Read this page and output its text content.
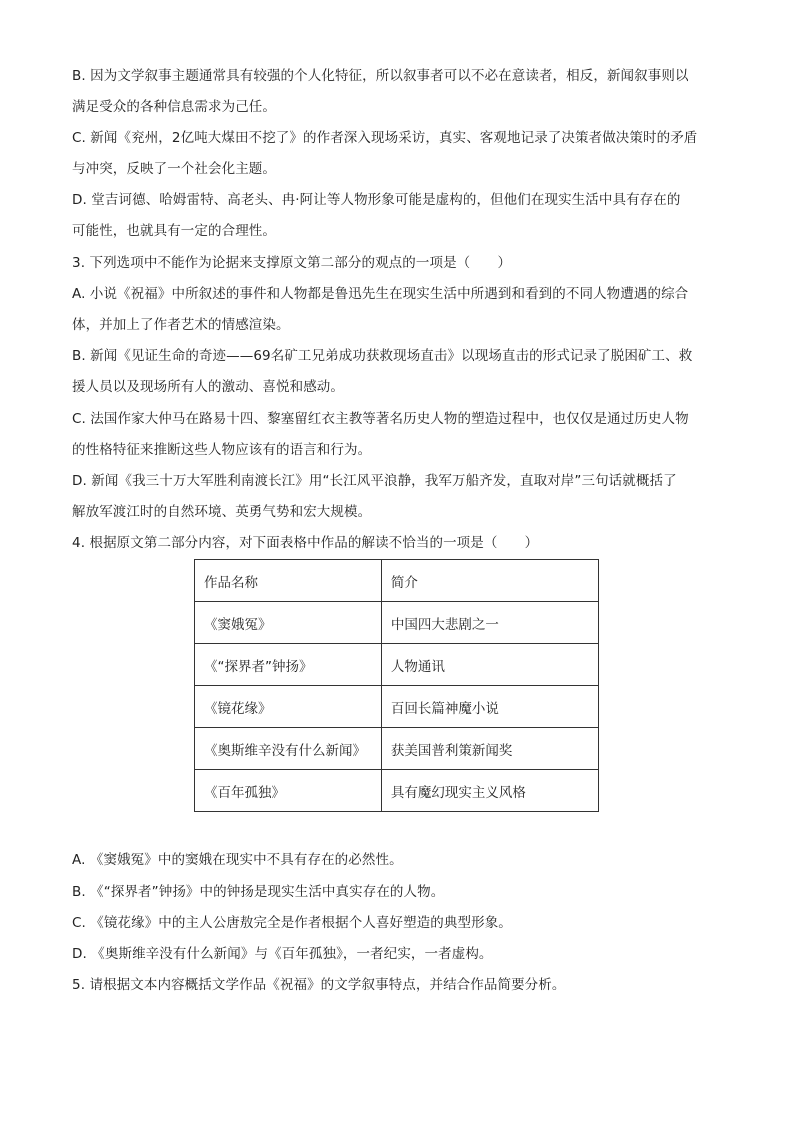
B. 因为文学叙事主题通常具有较强的个人化特征，所以叙事者可以不必在意读者，相反，新闻叙事则以
满足受众的各种信息需求为己任。
C. 新闻《兖州，2亿吨大煤田不挖了》的作者深入现场采访，真实、客观地记录了决策者做决策时的矛盾
与冲突，反映了一个社会化主题。
D. 堂吉诃德、哈姆雷特、高老头、冉·阿让等人物形象可能是虚构的，但他们在现实生活中具有存在的
可能性，也就具有一定的合理性。
3. 下列选项中不能作为论据来支撑原文第二部分的观点的一项是（　　）
A. 小说《祝福》中所叙述的事件和人物都是鲁迅先生在现实生活中所遇到和看到的不同人物遭遇的综合
体，并加上了作者艺术的情感渲染。
B. 新闻《见证生命的奇迹——69名矿工兄弟成功获救现场直击》以现场直击的形式记录了脱困矿工、救
援人员以及现场所有人的激动、喜悦和感动。
C. 法国作家大仲马在路易十四、黎塞留红衣主教等著名历史人物的塑造过程中，也仅仅是通过历史人物
的性格特征来推断这些人物应该有的语言和行为。
D. 新闻《我三十万大军胜利南渡长江》用“长江风平浪静，我军万船齐发，直取对岸”三句话就概括了
解放军渡江时的自然环境、英勇气势和宏大规模。
4. 根据原文第二部分内容，对下面表格中作品的解读不恰当的一项是（　　）
作品名称	简介
《窦娥冤》	中国四大悲剧之一
《“探界者”钟扬》	人物通讯
《镜花缘》	百回长篇神魔小说
《奥斯维辛没有什么新闻》	获美国普利策新闻奖
《百年孤独》	具有魔幻现实主义风格
A. 《窦娥冤》中的窦娥在现实中不具有存在的必然性。
B. 《“探界者”钟扬》中的钟扬是现实生活中真实存在的人物。
C. 《镜花缘》中的主人公唐敖完全是作者根据个人喜好塑造的典型形象。
D. 《奥斯维辛没有什么新闻》与《百年孤独》，一者纪实，一者虚构。
5. 请根据文本内容概括文学作品《祝福》的文学叙事特点，并结合作品简要分析。
